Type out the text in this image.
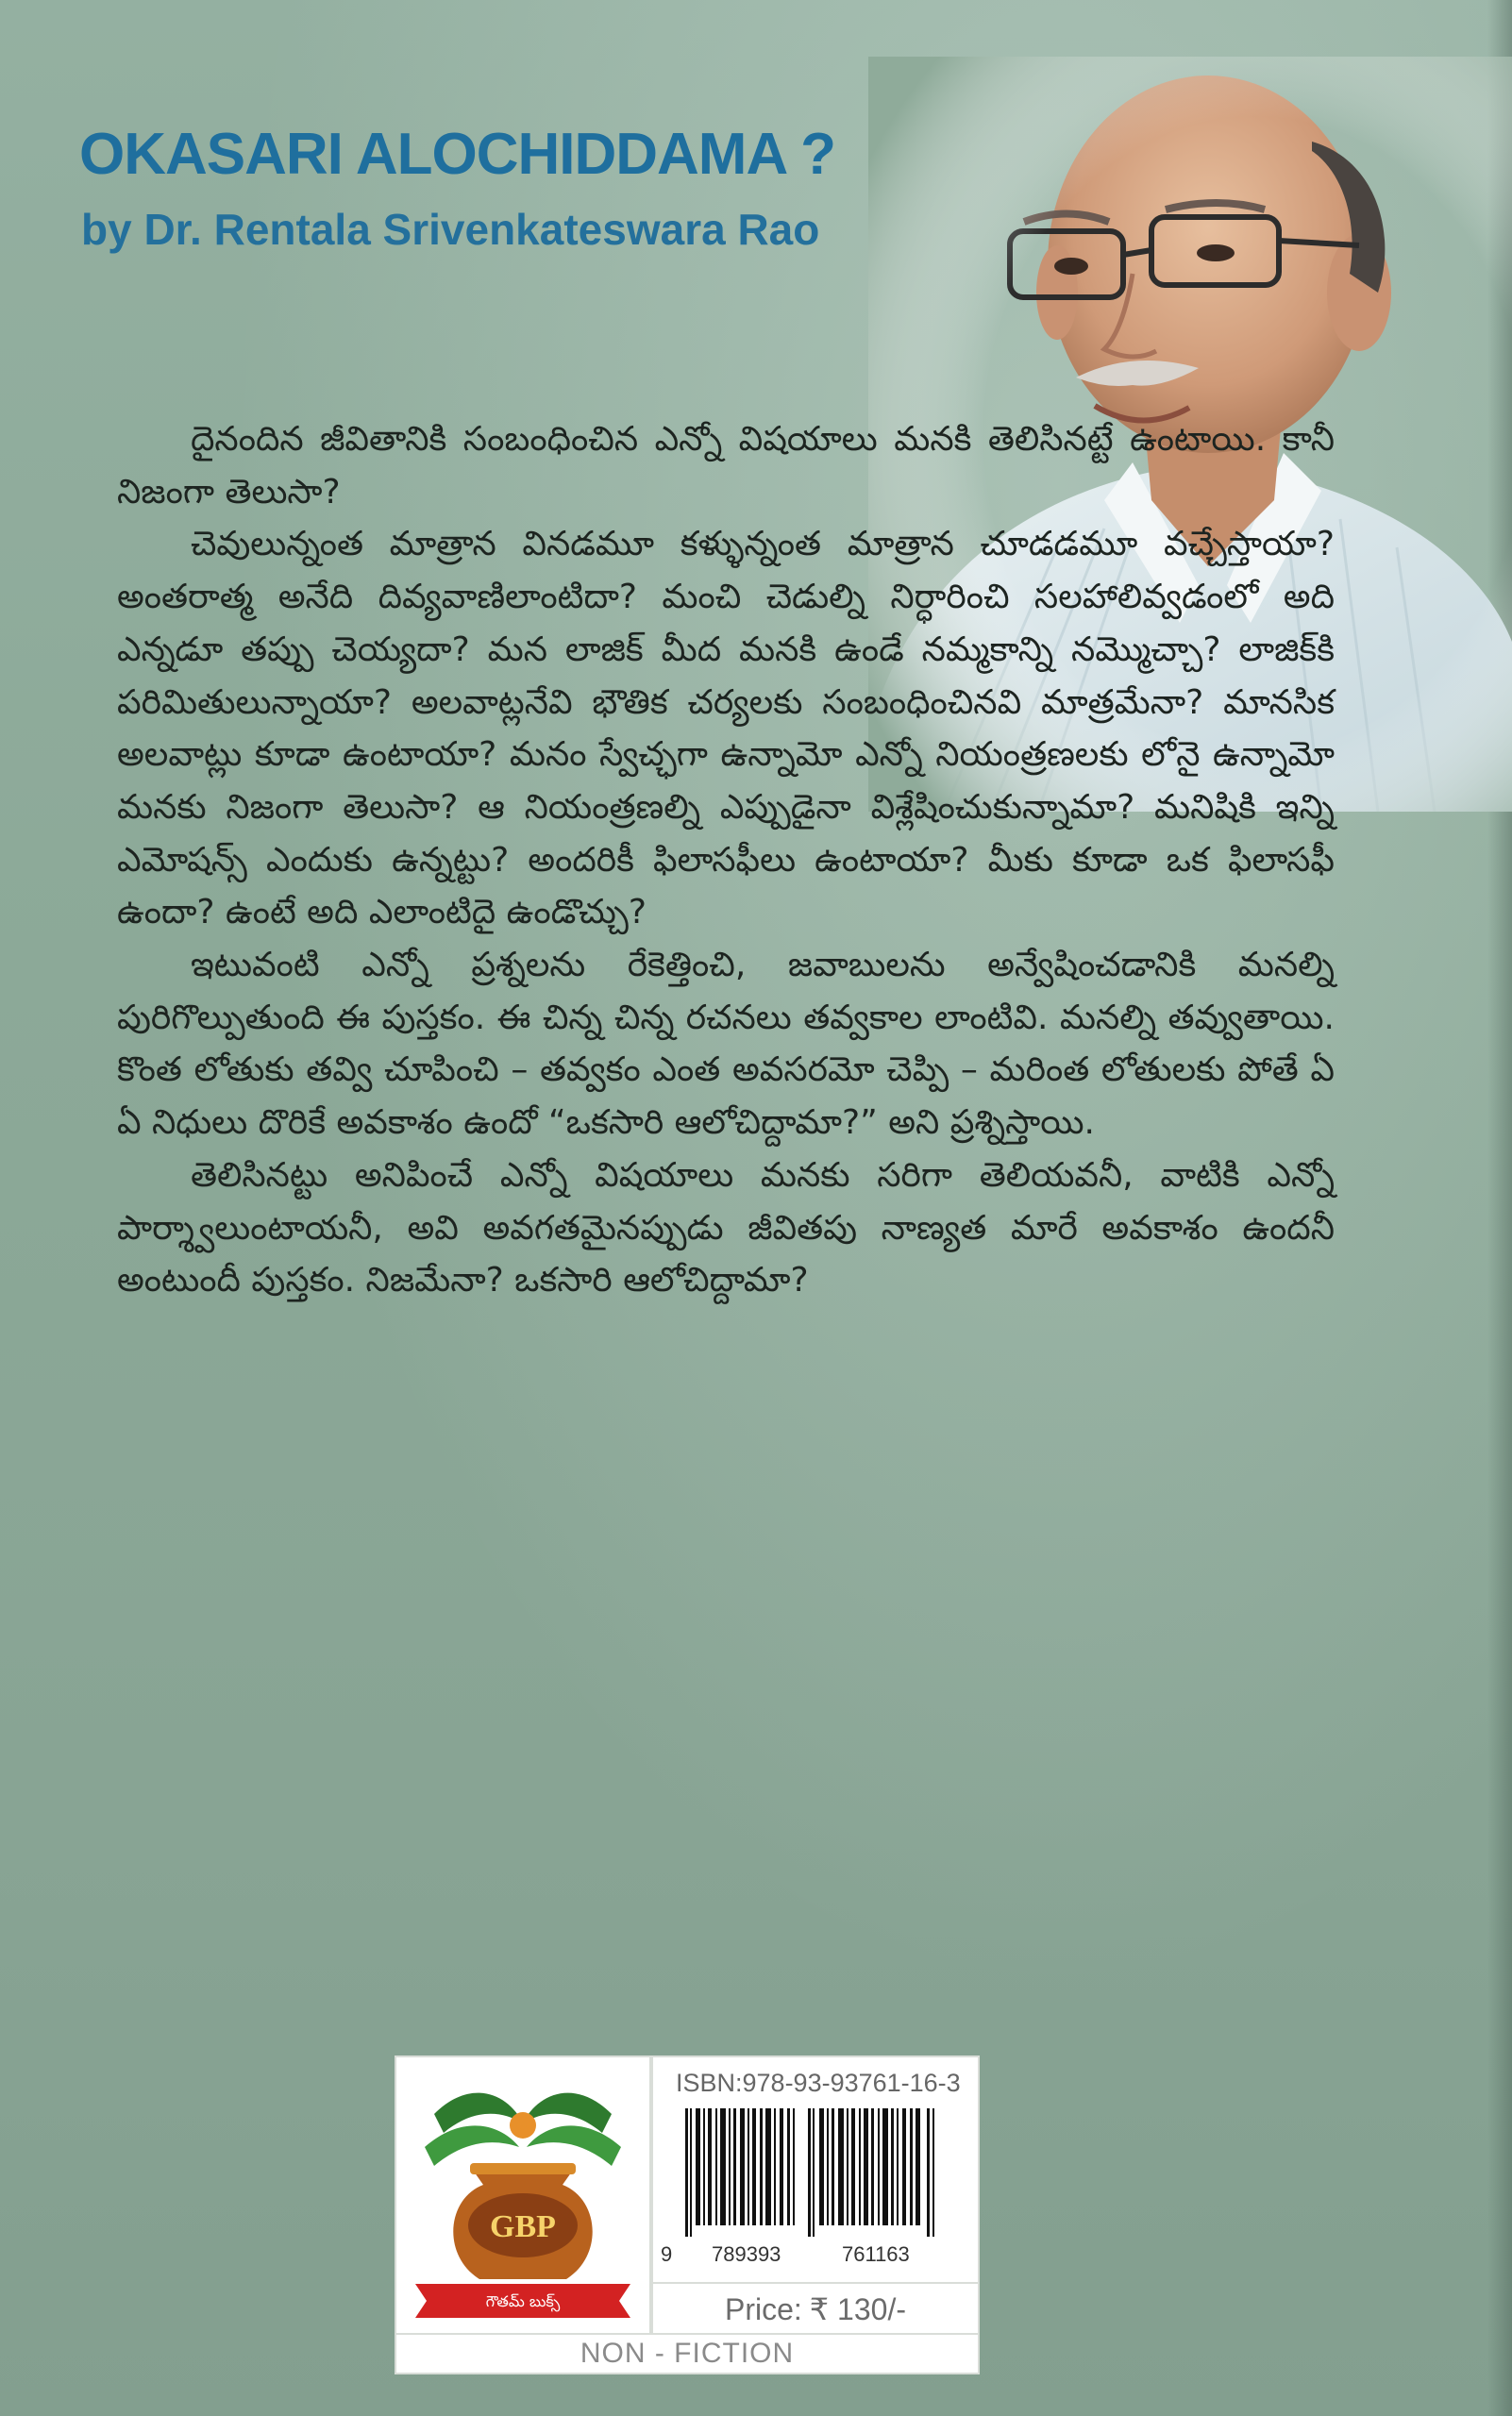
OKASARI ALOCHIDDAMA ?
by Dr. Rentala Srivenkateswara Rao

దైనందిన జీవితానికి సంబంధించిన ఎన్నో విషయాలు మనకి తెలిసినట్టే ఉంటాయి. కానీ నిజంగా తెలుసా?

చెవులున్నంత మాత్రాన వినడమూ కళ్ళున్నంత మాత్రాన చూడడమూ వచ్చేస్తాయా? అంతరాత్మ అనేది దివ్యవాణిలాంటిదా? మంచి చెడుల్ని నిర్ధారించి సలహాలివ్వడంలో అది ఎన్నడూ తప్పు చెయ్యదా? మన లాజిక్ మీద మనకి ఉండే నమ్మకాన్ని నమ్మొచ్చా? లాజిక్‌కి పరిమితులున్నాయా? అలవాట్లనేవి భౌతిక చర్యలకు సంబంధించినవి మాత్రమేనా? మానసిక అలవాట్లు కూడా ఉంటాయా? మనం స్వేచ్ఛగా ఉన్నామో ఎన్నో నియంత్రణలకు లోనై ఉన్నామో మనకు నిజంగా తెలుసా? ఆ నియంత్రణల్ని ఎప్పుడైనా విశ్లేషించుకున్నామా? మనిషికి ఇన్ని ఎమోషన్స్ ఎందుకు ఉన్నట్టు? అందరికీ ఫిలాసఫీలు ఉంటాయా? మీకు కూడా ఒక ఫిలాసఫీ ఉందా? ఉంటే అది ఎలాంటిదై ఉండొచ్చు?

ఇటువంటి ఎన్నో ప్రశ్నలను రేకెత్తించి, జవాబులను అన్వేషించడానికి మనల్ని పురిగొల్పుతుంది ఈ పుస్తకం. ఈ చిన్న చిన్న రచనలు తవ్వకాల లాంటివి. మనల్ని తవ్వుతాయి. కొంత లోతుకు తవ్వి చూపించి – తవ్వకం ఎంత అవసరమో చెప్పి – మరింత లోతులకు పోతే ఏ ఏ నిధులు దొరికే అవకాశం ఉందో “ఒకసారి ఆలోచిద్దామా?” అని ప్రశ్నిస్తాయి.

తెలిసినట్టు అనిపించే ఎన్నో విషయాలు మనకు సరిగా తెలియవనీ, వాటికి ఎన్నో పార్శ్వాలుంటాయనీ, అవి అవగతమైనప్పుడు జీవితపు నాణ్యత మారే అవకాశం ఉందనీ అంటుందీ పుస్తకం. నిజమేనా? ఒకసారి ఆలోచిద్దామా?

GBP
గౌతమ్ బుక్స్
ISBN:978-93-93761-16-3
9 789393	761163
Price: ₹ 130/-
NON - FICTION
